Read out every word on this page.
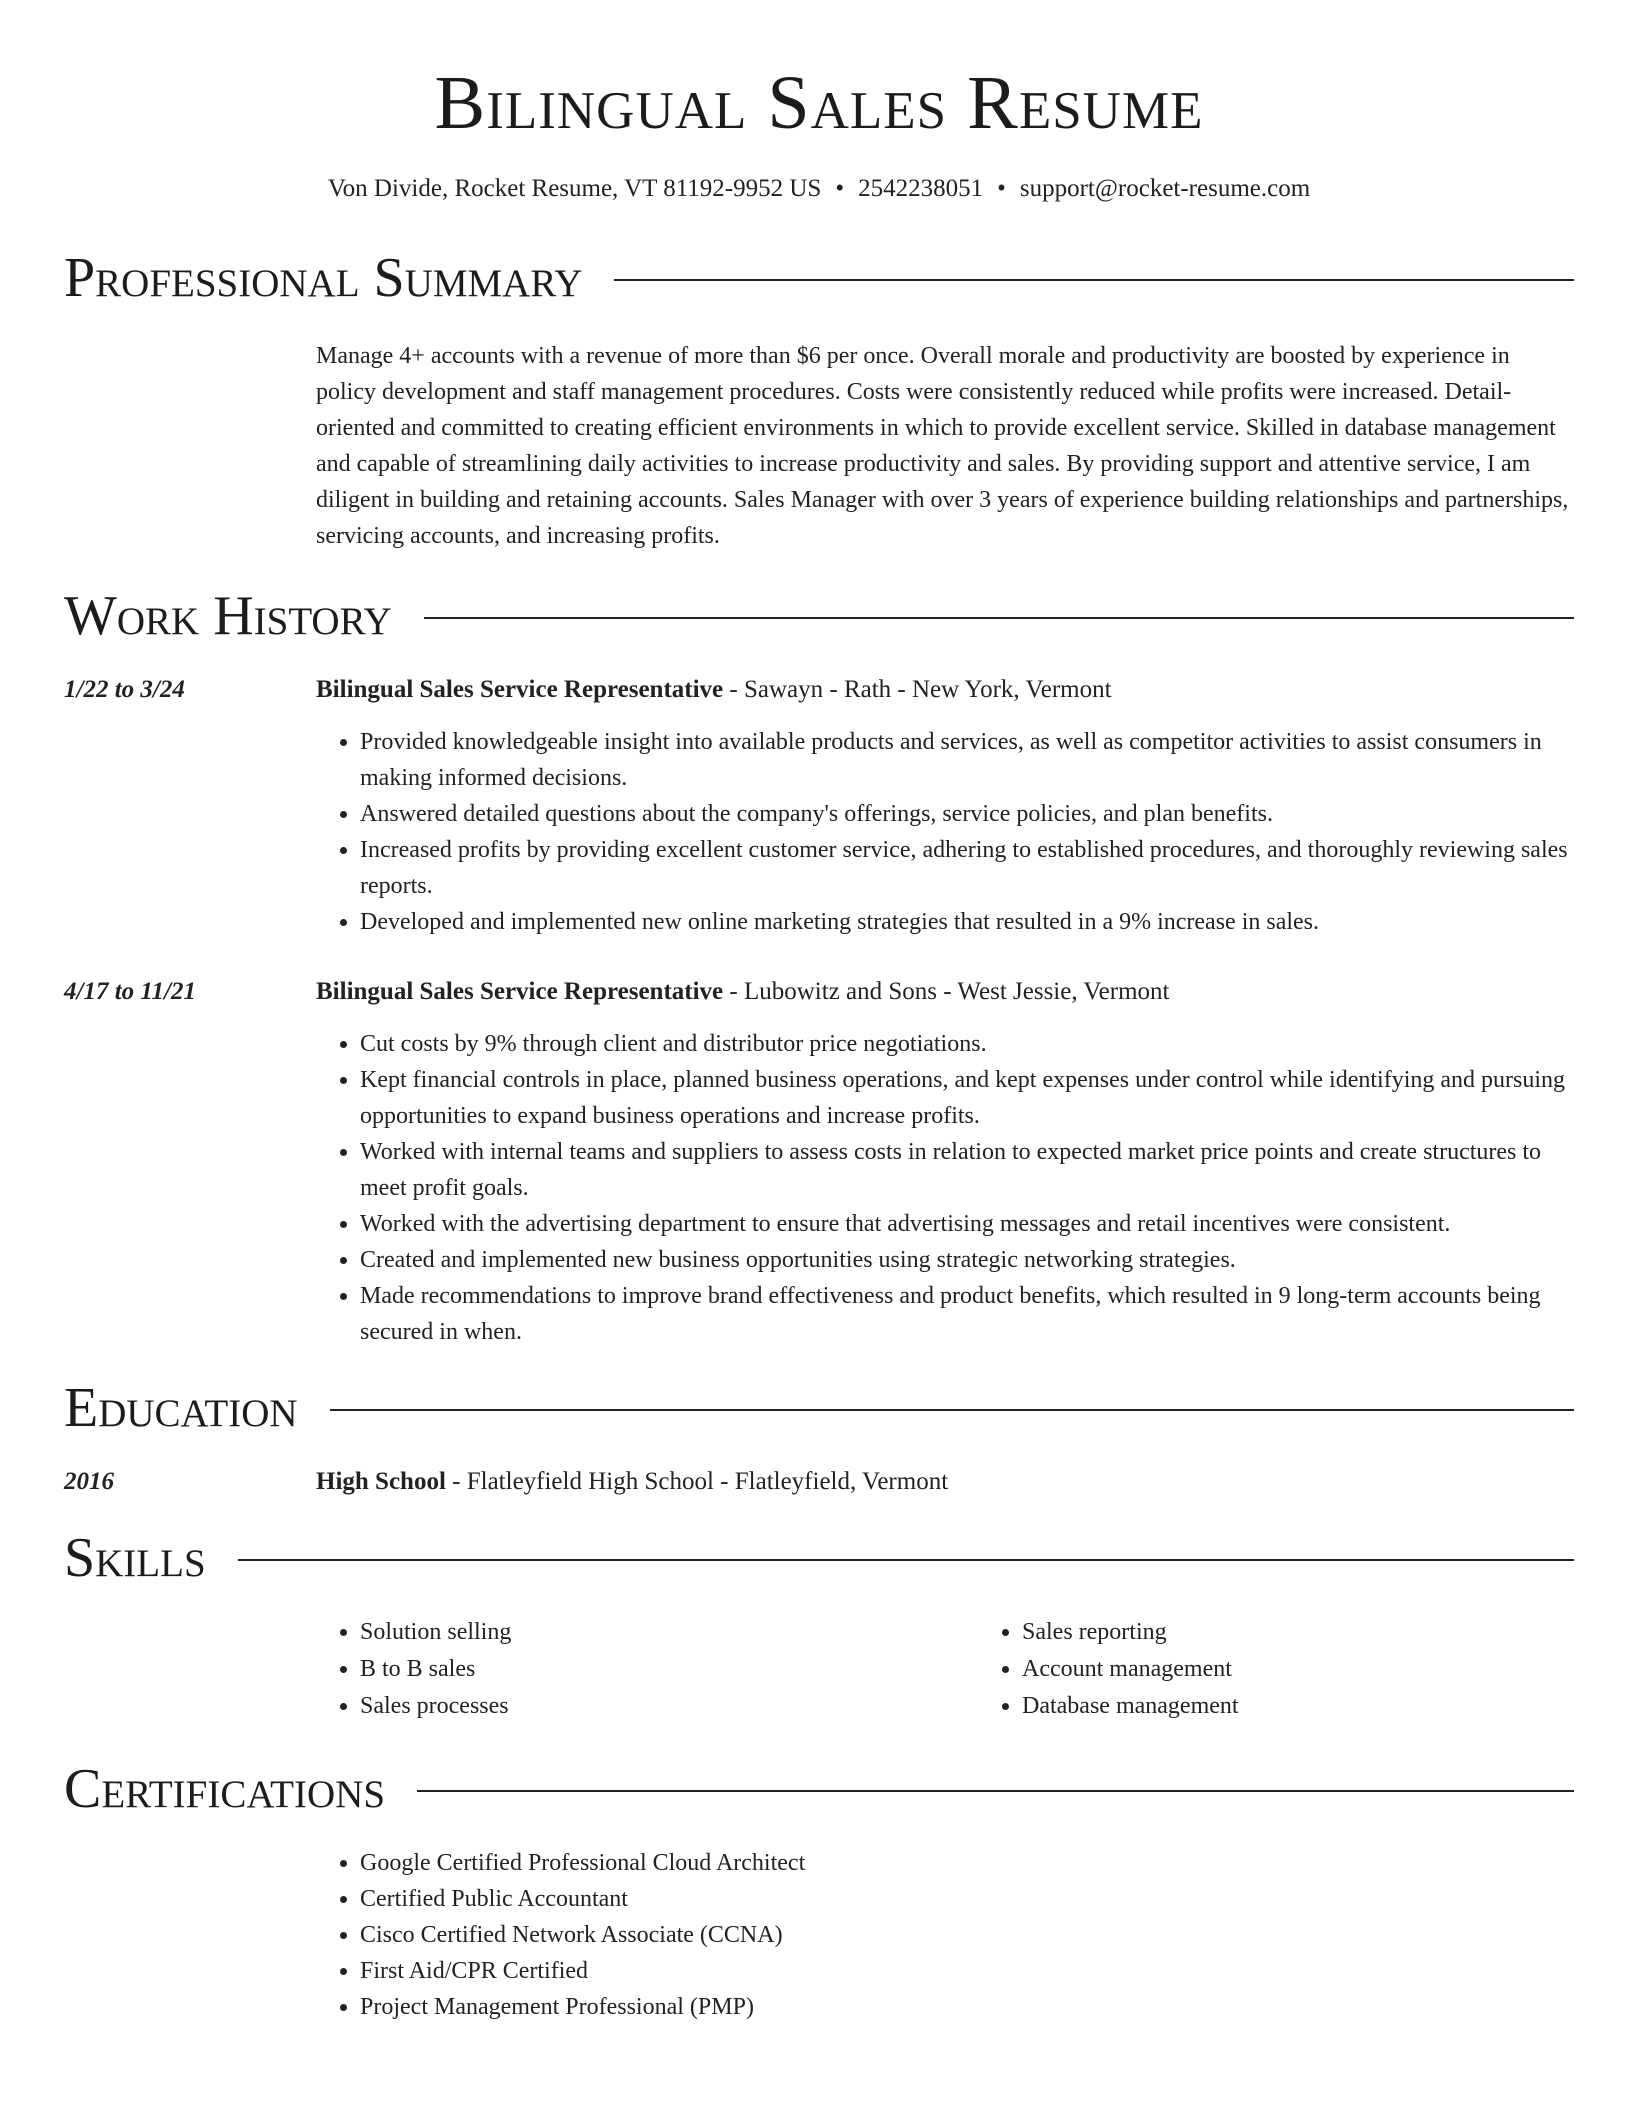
Bilingual Sales Resume
Von Divide, Rocket Resume, VT 81192-9952 US • 2542238051 • support@rocket-resume.com
Professional Summary
Manage 4+ accounts with a revenue of more than $6 per once. Overall morale and productivity are boosted by experience in policy development and staff management procedures. Costs were consistently reduced while profits were increased. Detail-oriented and committed to creating efficient environments in which to provide excellent service. Skilled in database management and capable of streamlining daily activities to increase productivity and sales. By providing support and attentive service, I am diligent in building and retaining accounts. Sales Manager with over 3 years of experience building relationships and partnerships, servicing accounts, and increasing profits.
Work History
1/22 to 3/24	Bilingual Sales Service Representative - Sawayn - Rath - New York, Vermont
• Provided knowledgeable insight into available products and services, as well as competitor activities to assist consumers in making informed decisions.
• Answered detailed questions about the company's offerings, service policies, and plan benefits.
• Increased profits by providing excellent customer service, adhering to established procedures, and thoroughly reviewing sales reports.
• Developed and implemented new online marketing strategies that resulted in a 9% increase in sales.
4/17 to 11/21	Bilingual Sales Service Representative - Lubowitz and Sons - West Jessie, Vermont
• Cut costs by 9% through client and distributor price negotiations.
• Kept financial controls in place, planned business operations, and kept expenses under control while identifying and pursuing opportunities to expand business operations and increase profits.
• Worked with internal teams and suppliers to assess costs in relation to expected market price points and create structures to meet profit goals.
• Worked with the advertising department to ensure that advertising messages and retail incentives were consistent.
• Created and implemented new business opportunities using strategic networking strategies.
• Made recommendations to improve brand effectiveness and product benefits, which resulted in 9 long-term accounts being secured in when.
Education
2016	High School - Flatleyfield High School - Flatleyfield, Vermont
Skills
• Solution selling
• B to B sales
• Sales processes
• Sales reporting
• Account management
• Database management
Certifications
• Google Certified Professional Cloud Architect
• Certified Public Accountant
• Cisco Certified Network Associate (CCNA)
• First Aid/CPR Certified
• Project Management Professional (PMP)
